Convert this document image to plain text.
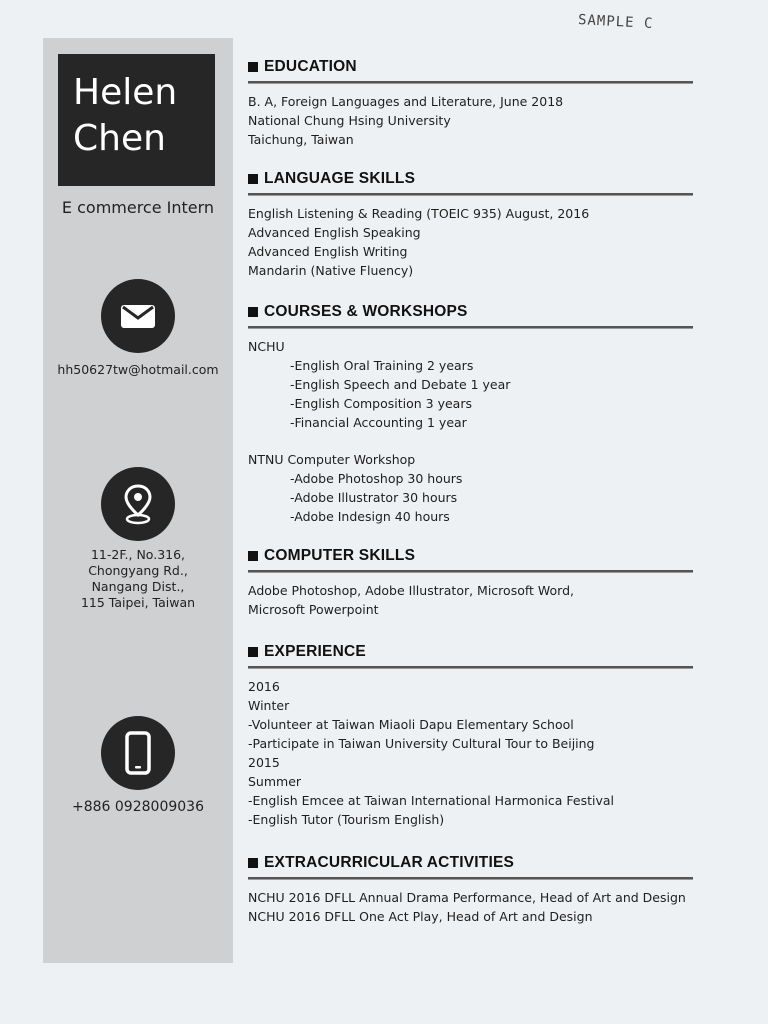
SAMPLE C
Helen
Chen
E commerce Intern
hh50627tw@hotmail.com
11-2F., No.316,
Chongyang Rd.,
Nangang Dist.,
115 Taipei, Taiwan
+886 0928009036
EDUCATION
B. A, Foreign Languages and Literature, June 2018
National Chung Hsing University
Taichung, Taiwan
LANGUAGE SKILLS
English Listening & Reading (TOEIC 935) August, 2016
Advanced English Speaking
Advanced English Writing
Mandarin (Native Fluency)
COURSES & WORKSHOPS
NCHU
-English Oral Training 2 years
-English Speech and Debate 1 year
-English Composition 3 years
-Financial Accounting 1 year
NTNU Computer Workshop
-Adobe Photoshop 30 hours
-Adobe Illustrator 30 hours
-Adobe Indesign 40 hours
COMPUTER SKILLS
Adobe Photoshop, Adobe Illustrator, Microsoft Word,
Microsoft Powerpoint
EXPERIENCE
2016
Winter
-Volunteer at Taiwan Miaoli Dapu Elementary School
-Participate in Taiwan University Cultural Tour to Beijing
2015
Summer
-English Emcee at Taiwan International Harmonica Festival
-English Tutor (Tourism English)
EXTRACURRICULAR ACTIVITIES
NCHU 2016 DFLL Annual Drama Performance, Head of Art and Design
NCHU 2016 DFLL One Act Play, Head of Art and Design
